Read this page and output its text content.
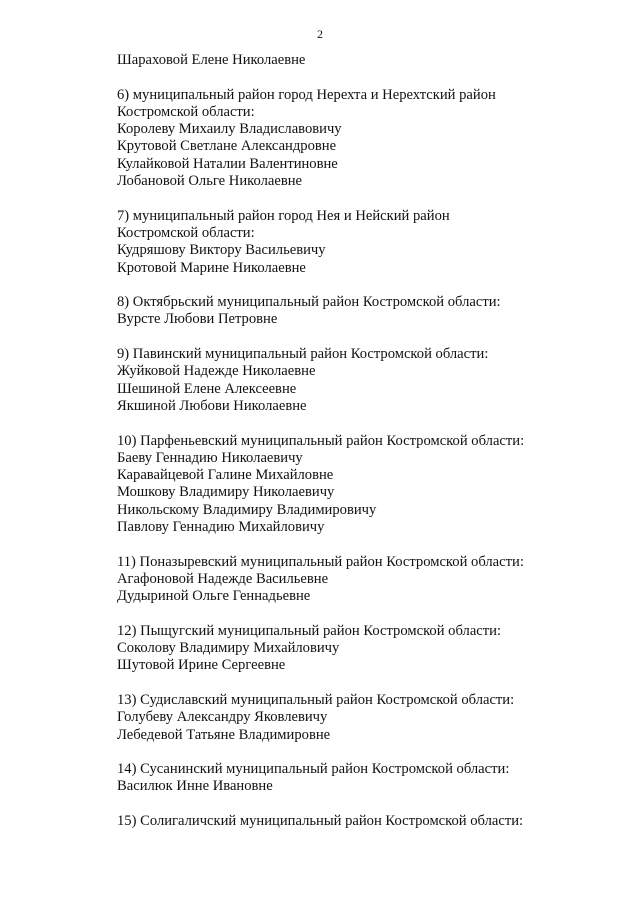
2
Шараховой Елене Николаевне
6) муниципальный район город Нерехта и Нерехтский район
Костромской области:
Королеву Михаилу Владиславовичу
Крутовой Светлане Александровне
Кулайковой Наталии Валентиновне
Лобановой Ольге Николаевне
7) муниципальный район город Нея и Нейский район
Костромской области:
Кудряшову Виктору Васильевичу
Кротовой Марине Николаевне
8) Октябрьский муниципальный район Костромской области:
Вурсте Любови Петровне
9) Павинский муниципальный район Костромской области:
Жуйковой Надежде Николаевне
Шешиной Елене Алексеевне
Якшиной Любови Николаевне
10) Парфеньевский муниципальный район Костромской области:
Баеву Геннадию Николаевичу
Каравайцевой Галине Михайловне
Мошкову Владимиру Николаевичу
Никольскому Владимиру Владимировичу
Павлову Геннадию Михайловичу
11) Поназыревский муниципальный район Костромской области:
Агафоновой Надежде Васильевне
Дудыриной Ольге Геннадьевне
12) Пыщугский муниципальный район Костромской области:
Соколову Владимиру Михайловичу
Шутовой Ирине Сергеевне
13) Судиславский муниципальный район Костромской области:
Голубеву Александру Яковлевичу
Лебедевой Татьяне Владимировне
14) Сусанинский муниципальный район Костромской области:
Василюк Инне Ивановне
15) Солигаличский муниципальный район Костромской области:
